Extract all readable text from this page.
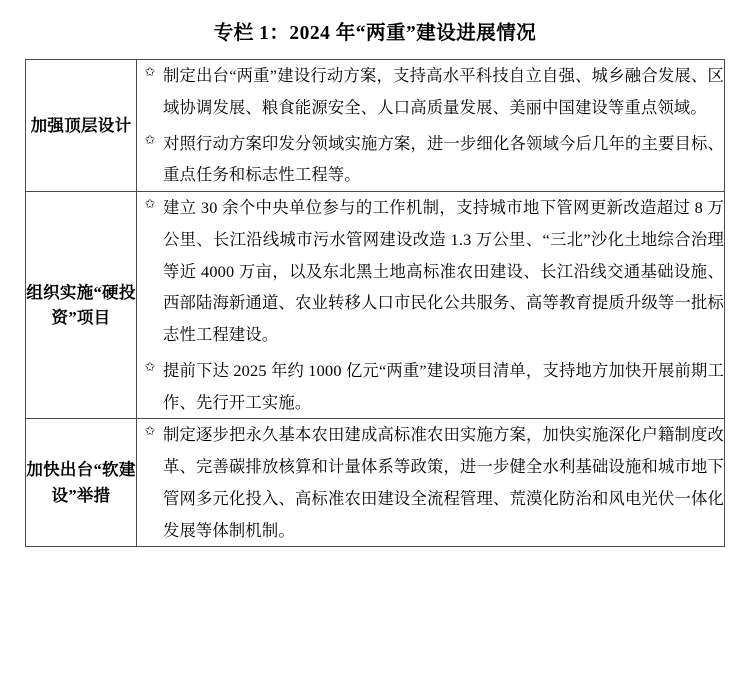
专栏 1：2024 年“两重”建设进展情况
加强顶层设计	
✩ 制定出台“两重”建设行动方案，支持高水平科技自立自强、城乡融合发展、区域协调发展、粮食能源安全、人口高质量发展、美丽中国建设等重点领域。
✩ 对照行动方案印发分领域实施方案，进一步细化各领域今后几年的主要目标、重点任务和标志性工程等。

组织实施“硬投资”项目	
✩ 建立 30 余个中央单位参与的工作机制，支持城市地下管网更新改造超过 8 万公里、长江沿线城市污水管网建设改造 1.3 万公里、“三北”沙化土地综合治理等近 4000 万亩，以及东北黑土地高标准农田建设、长江沿线交通基础设施、西部陆海新通道、农业转移人口市民化公共服务、高等教育提质升级等一批标志性工程建设。
✩ 提前下达 2025 年约 1000 亿元“两重”建设项目清单，支持地方加快开展前期工作、先行开工实施。

加快出台“软建设”举措	
✩ 制定逐步把永久基本农田建成高标准农田实施方案，加快实施深化户籍制度改革、完善碳排放核算和计量体系等政策，进一步健全水利基础设施和城市地下管网多元化投入、高标准农田建设全流程管理、荒漠化防治和风电光伏一体化发展等体制机制。
